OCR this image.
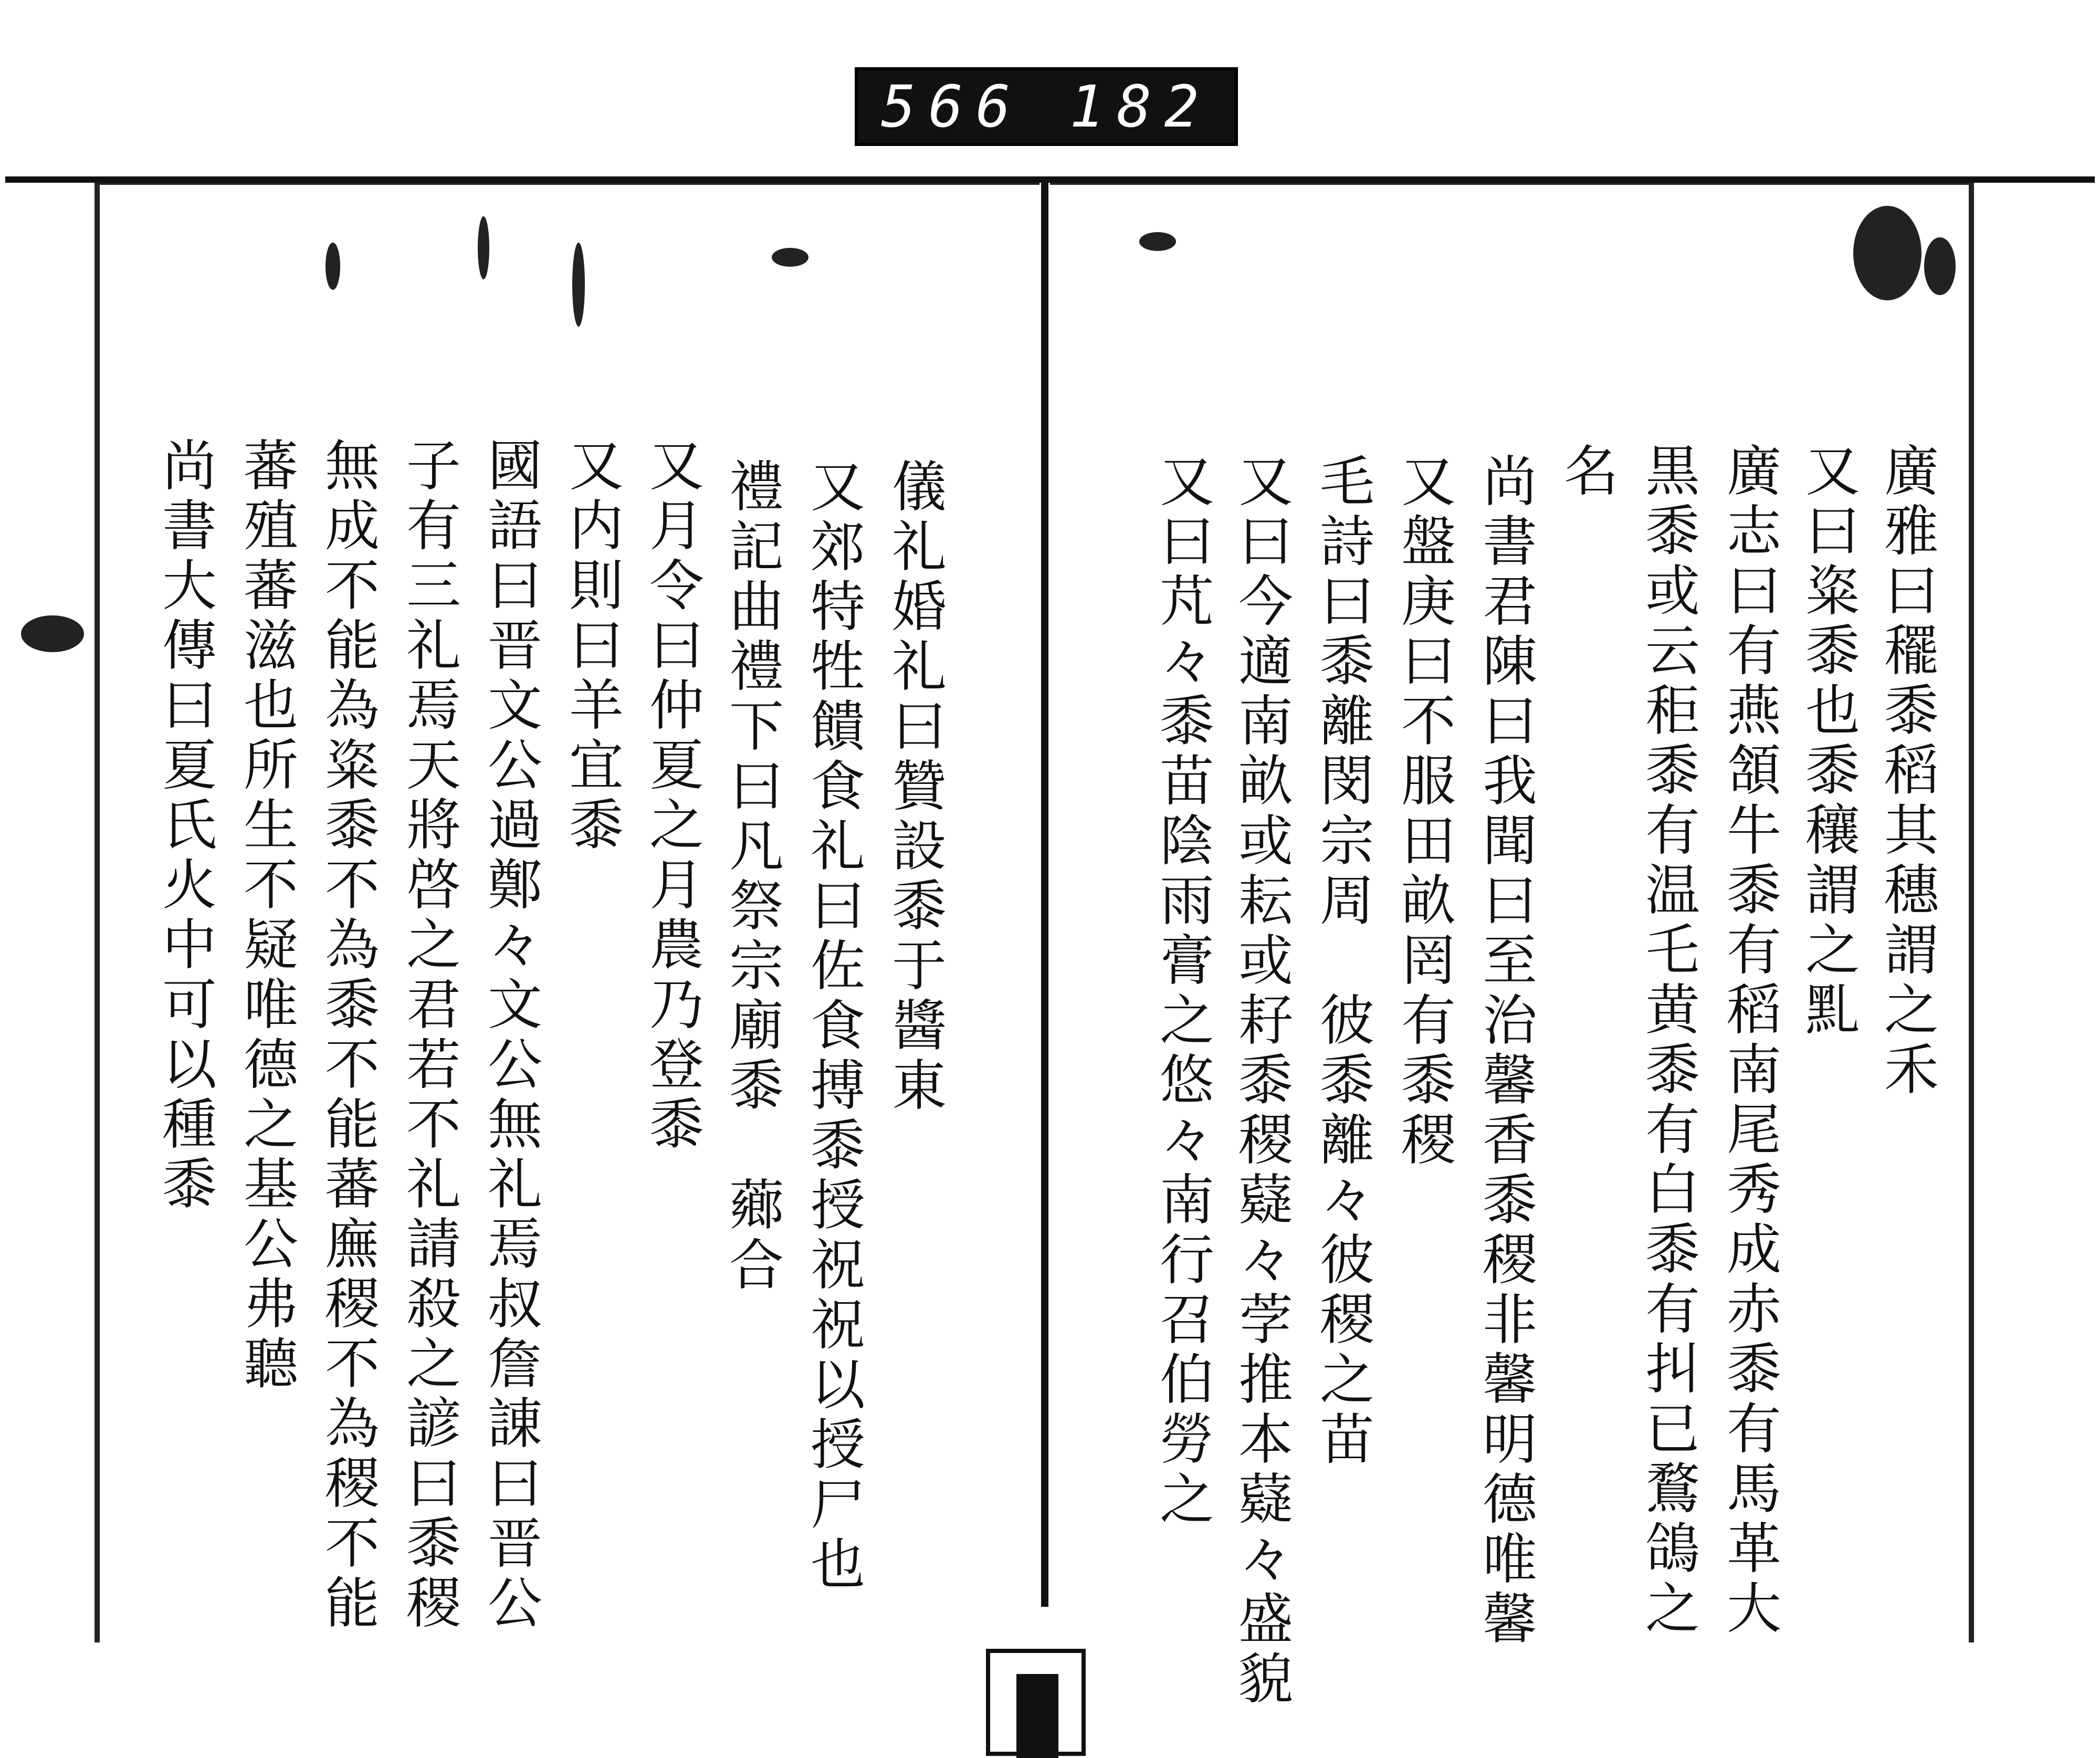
566 182
儀礼婚礼曰贊設黍于醬東
又郊特牲饋食礼曰佐食搏黍授祝祝以授尸也
禮記曲禮下曰凡祭宗廟黍　薌合
又月令曰仲夏之月農乃登黍
又内則曰羊宜黍
國語曰晋文公過鄭々文公無礼焉叔詹諌曰晋公
子有三礼焉天將啓之君若不礼請殺之諺曰黍稷
無成不能為粢黍不為黍不能蕃廡稷不為稷不能
蕃殖蕃滋也所生不疑唯德之基公弗聽
尚書大傳曰夏氏火中可以種黍	廣雅曰䆉黍稻其穗謂之禾
又曰粢黍也黍穰謂之䵝
廣志曰有燕頷牛黍有稻南尾秀成赤黍有馬革大
黒黍或云秬黍有温乇黄黍有白黍有㧃已鶩鴿之
名
尚書君陳曰我聞曰至治馨香黍稷非馨明德唯馨
又盤庚曰不服田畝罔有黍稷
毛詩曰黍離閔宗周　彼黍離々彼稷之苗
又曰今適南畝或耘或耔黍稷薿々茡推本薿々盛貌
又曰芃々黍苗陰雨膏之悠々南行召伯勞之
